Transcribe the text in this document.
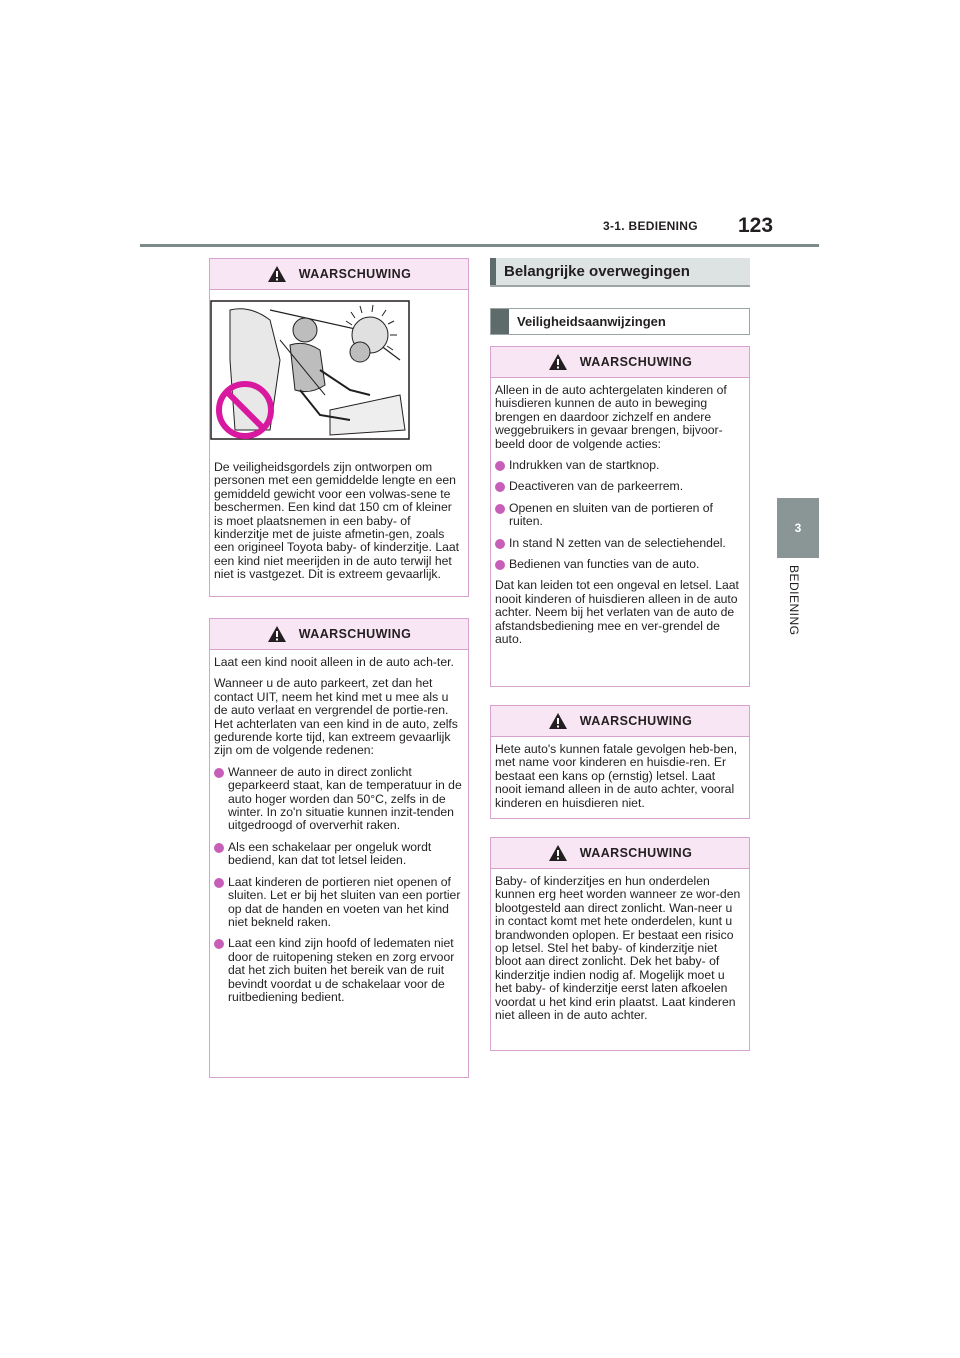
3-1. BEDIENING 123
3
BEDIENING
WAARSCHUWING

De veiligheidsgordels zijn ontworpen om personen met een gemiddelde lengte en een gemiddeld gewicht voor een volwas-sene te beschermen. Een kind dat 150 cm of kleiner is moet plaatsnemen in een baby- of kinderzitje met de juiste afmetin-gen, zoals een origineel Toyota baby- of kinderzitje. Laat een kind niet meerijden in de auto terwijl het niet is vastgezet. Dit is extreem gevaarlijk.

WAARSCHUWING

Laat een kind nooit alleen in de auto ach-ter.

Wanneer u de auto parkeert, zet dan het contact UIT, neem het kind met u mee als u de auto verlaat en vergrendel de portie-ren. Het achterlaten van een kind in de auto, zelfs gedurende korte tijd, kan extreem gevaarlijk zijn om de volgende redenen:

Wanneer de auto in direct zonlicht geparkeerd staat, kan de temperatuur in de auto hoger worden dan 50°C, zelfs in de winter. In zo'n situatie kunnen inzit-tenden uitgedroogd of oververhit raken.
Als een schakelaar per ongeluk wordt bediend, kan dat tot letsel leiden.
Laat kinderen de portieren niet openen of sluiten. Let er bij het sluiten van een portier op dat de handen en voeten van het kind niet bekneld raken.
Laat een kind zijn hoofd of ledematen niet door de ruitopening steken en zorg ervoor dat het zich buiten het bereik van de ruit bevindt voordat u de schakelaar voor de ruitbediening bedient.
Belangrijke overwegingen
Veiligheidsaanwijzingen
WAARSCHUWING

Alleen in de auto achtergelaten kinderen of huisdieren kunnen de auto in beweging brengen en daardoor zichzelf en andere weggebruikers in gevaar brengen, bijvoor-beeld door de volgende acties:

Indrukken van de startknop.
Deactiveren van de parkeerrem.
Openen en sluiten van de portieren of ruiten.
In stand N zetten van de selectiehendel.
Bedienen van functies van de auto.

Dat kan leiden tot een ongeval en letsel. Laat nooit kinderen of huisdieren alleen in de auto achter. Neem bij het verlaten van de auto de afstandsbediening mee en ver-grendel de auto.

WAARSCHUWING

Hete auto's kunnen fatale gevolgen heb-ben, met name voor kinderen en huisdie-ren. Er bestaat een kans op (ernstig) letsel. Laat nooit iemand alleen in de auto achter, vooral kinderen en huisdieren niet.

WAARSCHUWING

Baby- of kinderzitjes en hun onderdelen kunnen erg heet worden wanneer ze wor-den blootgesteld aan direct zonlicht. Wan-neer u in contact komt met hete onderdelen, kunt u brandwonden oplopen. Er bestaat een risico op letsel. Stel het baby- of kinderzitje niet bloot aan direct zonlicht. Dek het baby- of kinderzitje indien nodig af. Mogelijk moet u het baby- of kinderzitje eerst laten afkoelen voordat u het kind erin plaatst. Laat kinderen niet alleen in de auto achter.
